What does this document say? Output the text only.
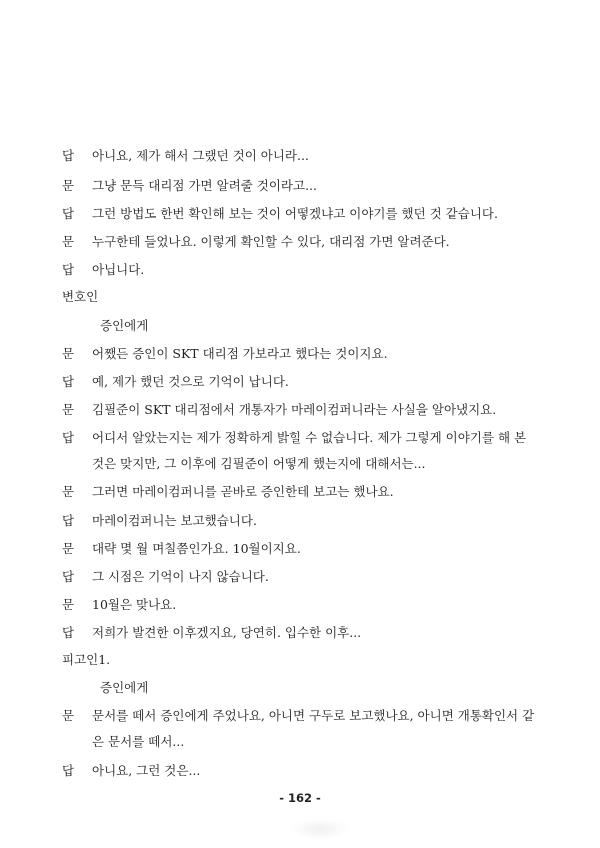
답 아니요, 제가 해서 그랬던 것이 아니라...
문 그냥 문득 대리점 가면 알려줄 것이라고...
답 그런 방법도 한번 확인해 보는 것이 어떻겠냐고 이야기를 했던 것 같습니다.
문 누구한테 들었나요. 이렇게 확인할 수 있다, 대리점 가면 알려준다.
답 아닙니다.
변호인
증인에게
문 어쨌든 증인이 SKT 대리점 가보라고 했다는 것이지요.
답 예, 제가 했던 것으로 기억이 납니다.
문 김필준이 SKT 대리점에서 개통자가 마레이컴퍼니라는 사실을 알아냈지요.
답 어디서 알았는지는 제가 정확하게 밝힐 수 없습니다. 제가 그렇게 이야기를 해 본
것은 맞지만, 그 이후에 김필준이 어떻게 했는지에 대해서는...
문 그러면 마레이컴퍼니를 곧바로 증인한테 보고는 했나요.
답 마레이컴퍼니는 보고했습니다.
문 대략 몇 월 며칠쯤인가요. 10월이지요.
답 그 시점은 기억이 나지 않습니다.
문 10월은 맞나요.
답 저희가 발견한 이후겠지요, 당연히. 입수한 이후...
피고인1.
증인에게
문 문서를 떼서 증인에게 주었나요, 아니면 구두로 보고했나요, 아니면 개통확인서 같
은 문서를 떼서...
답 아니요, 그런 것은...
- 162 -
